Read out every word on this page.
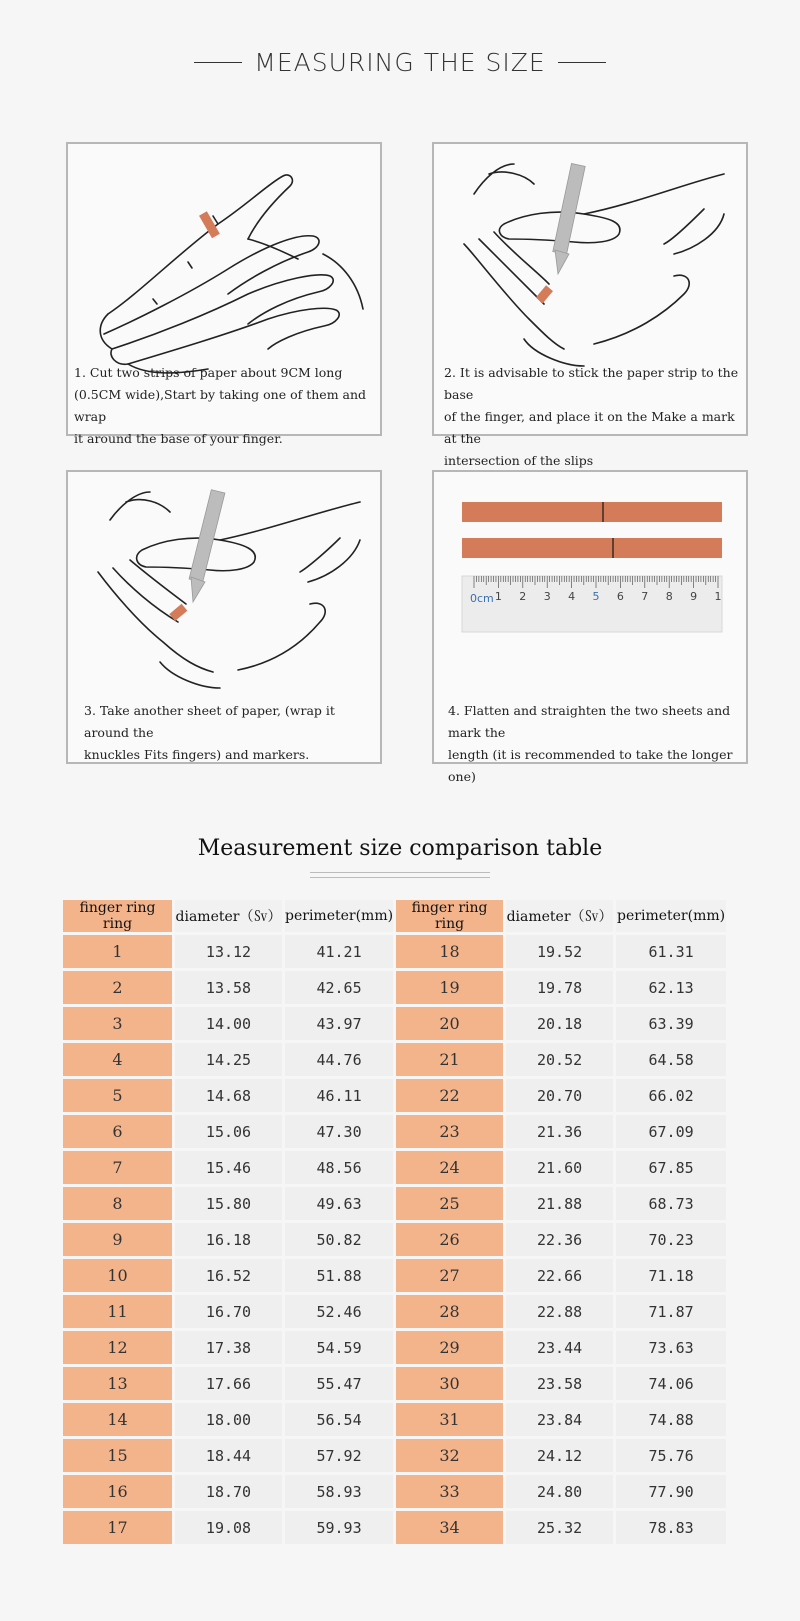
MEASURING THE SIZE
1. Cut two strips of paper about 9CM long
(0.5CM wide),Start by taking one of them and wrap
it around the base of your finger.
2. It is advisable to stick the paper strip to the base
of the finger, and place it on the Make a mark at the
intersection of the slips
3. Take another sheet of paper, (wrap it around the
knuckles Fits fingers) and markers.
0cm 1 2 3 4 5 6 7 8 9 1
4. Flatten and straighten the two sheets and mark the
length (it is recommended to take the longer one)
Measurement size comparison table
finger ring ring	diameter（㏜）	perimeter(mm)	finger ring ring	diameter（㏜）	perimeter(mm)
1	13.12	41.21	18	19.52	61.31
2	13.58	42.65	19	19.78	62.13
3	14.00	43.97	20	20.18	63.39
4	14.25	44.76	21	20.52	64.58
5	14.68	46.11	22	20.70	66.02
6	15.06	47.30	23	21.36	67.09
7	15.46	48.56	24	21.60	67.85
8	15.80	49.63	25	21.88	68.73
9	16.18	50.82	26	22.36	70.23
10	16.52	51.88	27	22.66	71.18
11	16.70	52.46	28	22.88	71.87
12	17.38	54.59	29	23.44	73.63
13	17.66	55.47	30	23.58	74.06
14	18.00	56.54	31	23.84	74.88
15	18.44	57.92	32	24.12	75.76
16	18.70	58.93	33	24.80	77.90
17	19.08	59.93	34	25.32	78.83
